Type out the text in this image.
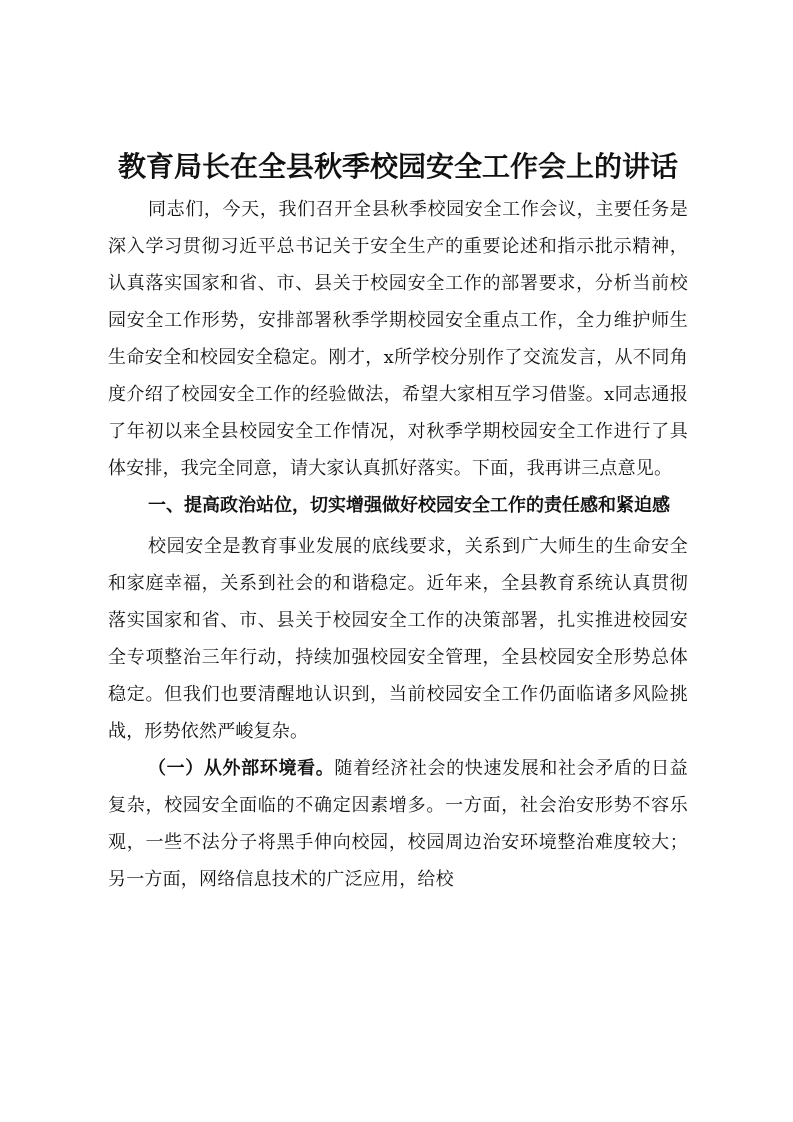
教育局长在全县秋季校园安全工作会上的讲话

同志们，今天，我们召开全县秋季校园安全工作会议，主要任务是深入学习贯彻习近平总书记关于安全生产的重要论述和指示批示精神，认真落实国家和省、市、县关于校园安全工作的部署要求，分析当前校园安全工作形势，安排部署秋季学期校园安全重点工作，全力维护师生生命安全和校园安全稳定。刚才，x所学校分别作了交流发言，从不同角度介绍了校园安全工作的经验做法，希望大家相互学习借鉴。x同志通报了年初以来全县校园安全工作情况，对秋季学期校园安全工作进行了具体安排，我完全同意，请大家认真抓好落实。下面，我再讲三点意见。

一、提高政治站位，切实增强做好校园安全工作的责任感和紧迫感

校园安全是教育事业发展的底线要求，关系到广大师生的生命安全和家庭幸福，关系到社会的和谐稳定。近年来，全县教育系统认真贯彻落实国家和省、市、县关于校园安全工作的决策部署，扎实推进校园安全专项整治三年行动，持续加强校园安全管理，全县校园安全形势总体稳定。但我们也要清醒地认识到，当前校园安全工作仍面临诸多风险挑战，形势依然严峻复杂。

（一）从外部环境看。随着经济社会的快速发展和社会矛盾的日益复杂，校园安全面临的不确定因素增多。一方面，社会治安形势不容乐观，一些不法分子将黑手伸向校园，校园周边治安环境整治难度较大；另一方面，网络信息技术的广泛应用，给校
